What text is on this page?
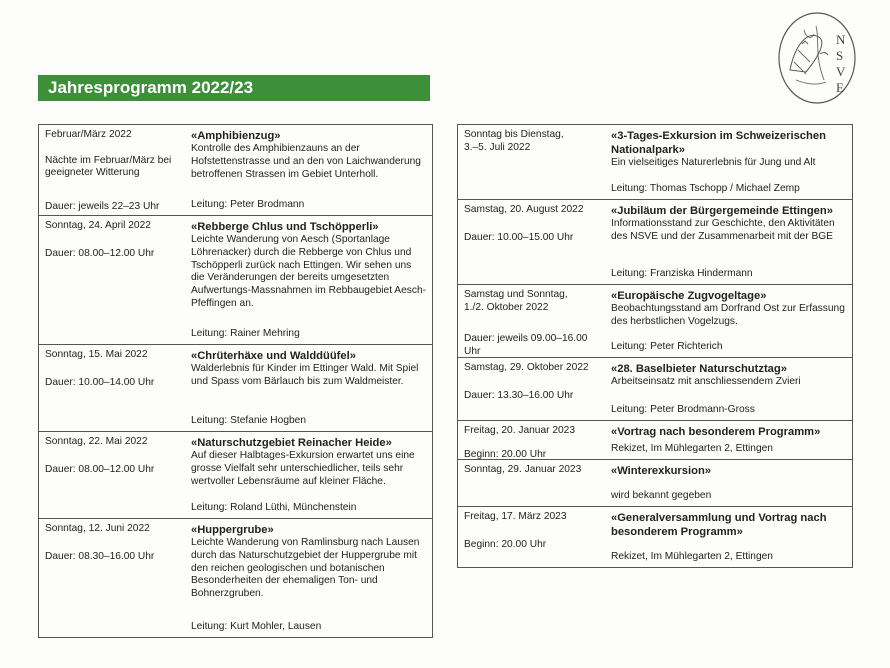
Jahresprogramm 2022/23
N
S
V
E
Februar/März 2022

Nächte im Februar/März bei geeigneter Witterung
Dauer: jeweils 22–23 Uhr
«Amphibienzug»
Kontrolle des Amphibienzauns an der Hofstettenstrasse und an den von Laichwanderung betroffenen Strassen im Gebiet Unterholl.
Leitung: Peter Brodmann
Sonntag, 24. April 2022
Dauer: 08.00–12.00 Uhr
«Rebberge Chlus und Tschöpperli»
Leichte Wanderung von Aesch (Sportanlage Löhrenacker) durch die Rebberge von Chlus und Tschöpperli zurück nach Ettingen. Wir sehen uns die Veränderungen der bereits umgesetzten Aufwertungs-Massnahmen im Rebbaugebiet Aesch-Pfeffingen an.
Leitung: Rainer Mehring
Sonntag, 15. Mai 2022
Dauer: 10.00–14.00 Uhr
«Chrüterhäxe und Walddüüfel»
Walderlebnis für Kinder im Ettinger Wald. Mit Spiel und Spass vom Bärlauch bis zum Waldmeister.
Leitung: Stefanie Hogben
Sonntag, 22. Mai 2022
Dauer: 08.00–12.00 Uhr
«Naturschutzgebiet Reinacher Heide»
Auf dieser Halbtages-Exkursion erwartet uns eine grosse Vielfalt sehr unterschiedlicher, teils sehr wertvoller Lebensräume auf kleiner Fläche.
Leitung: Roland Lüthi, Münchenstein
Sonntag, 12. Juni 2022
Dauer: 08.30–16.00 Uhr
«Huppergrube»
Leichte Wanderung von Ramlinsburg nach Lausen durch das Naturschutzgebiet der Huppergrube mit den reichen geologischen und botanischen Besonderheiten der ehemaligen Ton- und Bohnerzgruben.
Leitung: Kurt Mohler, Lausen
Sonntag bis Dienstag,
3.–5. Juli 2022
«3-Tages-Exkursion im Schweizerischen Nationalpark»
Ein vielseitiges Naturerlebnis für Jung und Alt
Leitung: Thomas Tschopp / Michael Zemp
Samstag, 20. August 2022
Dauer: 10.00–15.00 Uhr
«Jubiläum der Bürgergemeinde Ettingen»
Informationsstand zur Geschichte, den Aktivitäten des NSVE und der Zusammenarbeit mit der BGE
Leitung: Franziska Hindermann
Samstag und Sonntag,
1./2. Oktober 2022
Dauer: jeweils 09.00–16.00 Uhr
«Europäische Zugvogeltage»
Beobachtungsstand am Dorfrand Ost zur Erfassung des herbstlichen Vogelzugs.
Leitung: Peter Richterich
Samstag, 29. Oktober 2022
Dauer: 13.30–16.00 Uhr
«28. Baselbieter Naturschutztag»
Arbeitseinsatz mit anschliessendem Zvieri
Leitung: Peter Brodmann-Gross
Freitag, 20. Januar 2023
Beginn: 20.00 Uhr
«Vortrag nach besonderem Programm»
Rekizet, Im Mühlegarten 2, Ettingen
Sonntag, 29. Januar 2023	«Winterexkursion»
wird bekannt gegeben
Freitag, 17. März 2023
Beginn: 20.00 Uhr
«Generalversammlung und Vortrag nach besonderem Programm»
Rekizet, Im Mühlegarten 2, Ettingen
